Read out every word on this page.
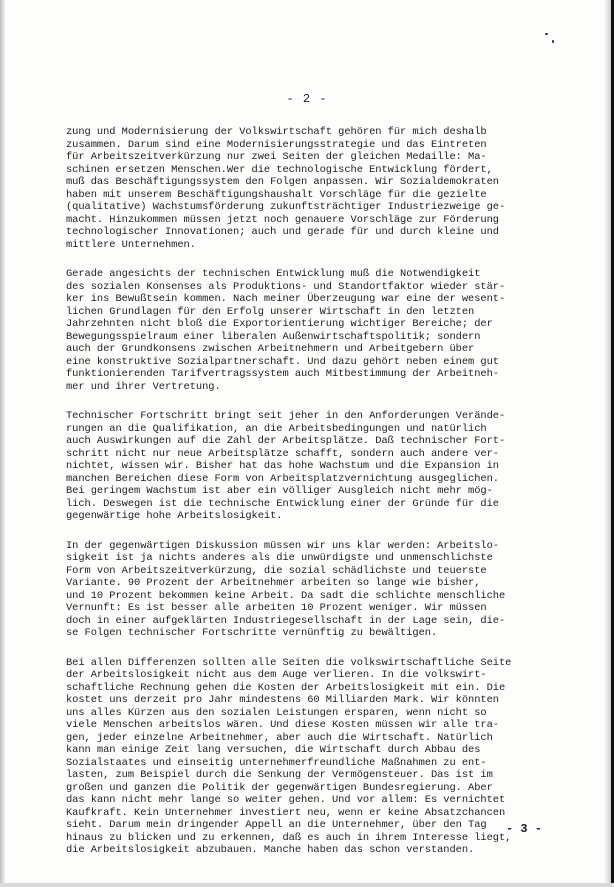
- 2 -
zung und Modernisierung der Volkswirtschaft gehören für mich deshalb
zusammen. Darum sind eine Modernisierungsstrategie und das Eintreten
für Arbeitszeitverkürzung nur zwei Seiten der gleichen Medaille: Ma-
schinen ersetzen Menschen.Wer die technologische Entwicklung fördert,
muß das Beschäftigungssystem den Folgen anpassen. Wir Sozialdemokraten
haben mit unserem Beschäftigungshaushalt Vorschläge für die gezielte
(qualitative) Wachstumsförderung zukunftsträchtiger Industriezweige ge-
macht. Hinzukommen müssen jetzt noch genauere Vorschläge zur Förderung
technologischer Innovationen; auch und gerade für und durch kleine und
mittlere Unternehmen.
Gerade angesichts der technischen Entwicklung muß die Notwendigkeit
des sozialen Konsenses als Produktions- und Standortfaktor wieder stär-
ker ins Bewußtsein kommen. Nach meiner Überzeugung war eine der wesent-
lichen Grundlagen für den Erfolg unserer Wirtschaft in den letzten
Jahrzehnten nicht bloß die Exportorientierung wichtiger Bereiche; der
Bewegungsspielraum einer liberalen Außenwirtschaftspolitik; sondern
auch der Grundkonsens zwischen Arbeitnehmern und Arbeitgebern über
eine konstruktive Sozialpartnerschaft. Und dazu gehört neben einem gut
funktionierenden Tarifvertragssystem auch Mitbestimmung der Arbeitneh-
mer und ihrer Vertretung.
Technischer Fortschritt bringt seit jeher in den Anforderungen Verände-
rungen an die Qualifikation, an die Arbeitsbedingungen und natürlich
auch Auswirkungen auf die Zahl der Arbeitsplätze. Daß technischer Fort-
schritt nicht nur neue Arbeitsplätze schafft, sondern auch andere ver-
nichtet, wissen wir. Bisher hat das hohe Wachstum und die Expansion in
manchen Bereichen diese Form von Arbeitsplatzvernichtung ausgeglichen.
Bei geringem Wachstum ist aber ein völliger Ausgleich nicht mehr mög-
lich. Deswegen ist die technische Entwicklung einer der Gründe für die
gegenwärtige hohe Arbeitslosigkeit.
In der gegenwärtigen Diskussion müssen wir uns klar werden: Arbeitslo-
sigkeit ist ja nichts anderes als die unwürdigste und unmenschlichste
Form von Arbeitszeitverkürzung, die sozial schädlichste und teuerste
Variante. 90 Prozent der Arbeitnehmer arbeiten so lange wie bisher,
und 10 Prozent bekommen keine Arbeit. Da sadt die schlichte menschliche
Vernunft: Es ist besser alle arbeiten 10 Prozent weniger. Wir müssen
doch in einer aufgeklärten Industriegesellschaft in der Lage sein, die-
se Folgen technischer Fortschritte vernünftig zu bewältigen.
Bei allen Differenzen sollten alle Seiten die volkswirtschaftliche Seite
der Arbeitslosigkeit nicht aus dem Auge verlieren. In die volkswirt-
schaftliche Rechnung gehen die Kosten der Arbeitslosigkeit mit ein. Die
kostet uns derzeit pro Jahr mindestens 60 Milliarden Mark. Wir könnten
uns alles Kürzen aus den sozialen Leistungen ersparen, wenn nicht so
viele Menschen arbeitslos wären. Und diese Kosten müssen wir alle tra-
gen, jeder einzelne Arbeitnehmer, aber auch die Wirtschaft. Natürlich
kann man einige Zeit lang versuchen, die Wirtschaft durch Abbau des
Sozialstaates und einseitig unternehmerfreundliche Maßnahmen zu ent-
lasten, zum Beispiel durch die Senkung der Vermögensteuer. Das ist im
großen und ganzen die Politik der gegenwärtigen Bundesregierung. Aber
das kann nicht mehr lange so weiter gehen. Und vor allem: Es vernichtet
Kaufkraft. Kein Unternehmer investiert neu, wenn er keine Absatzchancen
sieht. Darum mein dringender Appell an die Unternehmer, über den Tag
hinaus zu blicken und zu erkennen, daß es auch in ihrem Interesse liegt,
die Arbeitslosigkeit abzubauen. Manche haben das schon verstanden.
- 3 -
